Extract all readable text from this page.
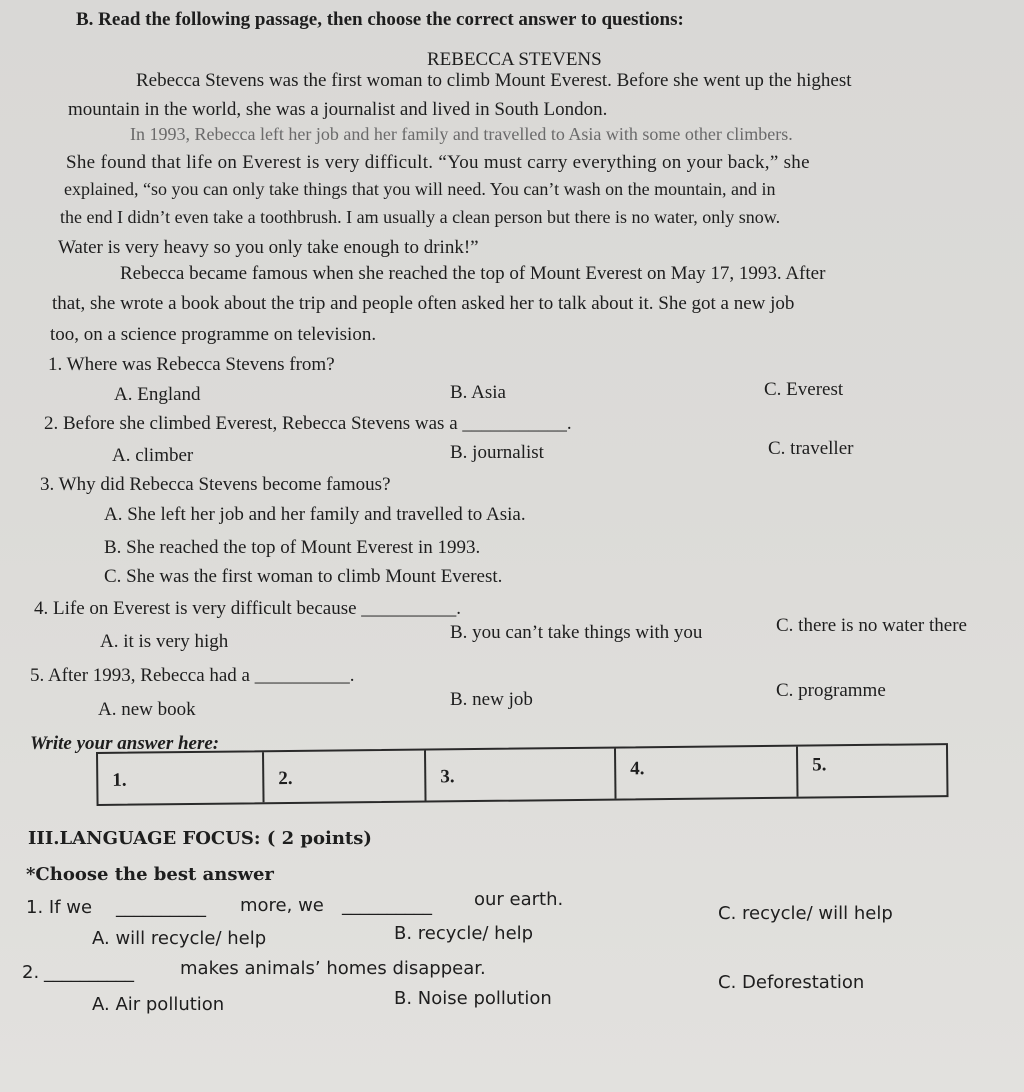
B. Read the following passage, then choose the correct answer to questions:
REBECCA STEVENS
Rebecca Stevens was the first woman to climb Mount Everest. Before she went up the highest
mountain in the world, she was a journalist and lived in South London.
In 1993, Rebecca left her job and her family and travelled to Asia with some other climbers.
She found that life on Everest is very difficult. “You must carry everything on your back,” she
explained, “so you can only take things that you will need. You can’t wash on the mountain, and in
the end I didn’t even take a toothbrush. I am usually a clean person but there is no water, only snow.
Water is very heavy so you only take enough to drink!”
Rebecca became famous when she reached the top of Mount Everest on May 17, 1993. After
that, she wrote a book about the trip and people often asked her to talk about it. She got a new job
too, on a science programme on television.
1. Where was Rebecca Stevens from?
A. England	B. Asia	C. Everest
2. Before she climbed Everest, Rebecca Stevens was a ___________.
A. climber	B. journalist	C. traveller
3. Why did Rebecca Stevens become famous?
A. She left her job and her family and travelled to Asia.
B. She reached the top of Mount Everest in 1993.
C. She was the first woman to climb Mount Everest.
4. Life on Everest is very difficult because __________.
A. it is very high	B. you can’t take things with you	C. there is no water there
5. After 1993, Rebecca had a __________.
A. new book	B. new job	C. programme
Write your answer here:
1.	2.	3.	4.	5.
III.LANGUAGE FOCUS: ( 2 points)
*Choose the best answer
1. If we __________ more, we __________ our earth.
A. will recycle/ help	B. recycle/ help
C. recycle/ will help
2. __________	makes animals’ homes disappear.
A. Air pollution	B. Noise pollution
C. Deforestation
